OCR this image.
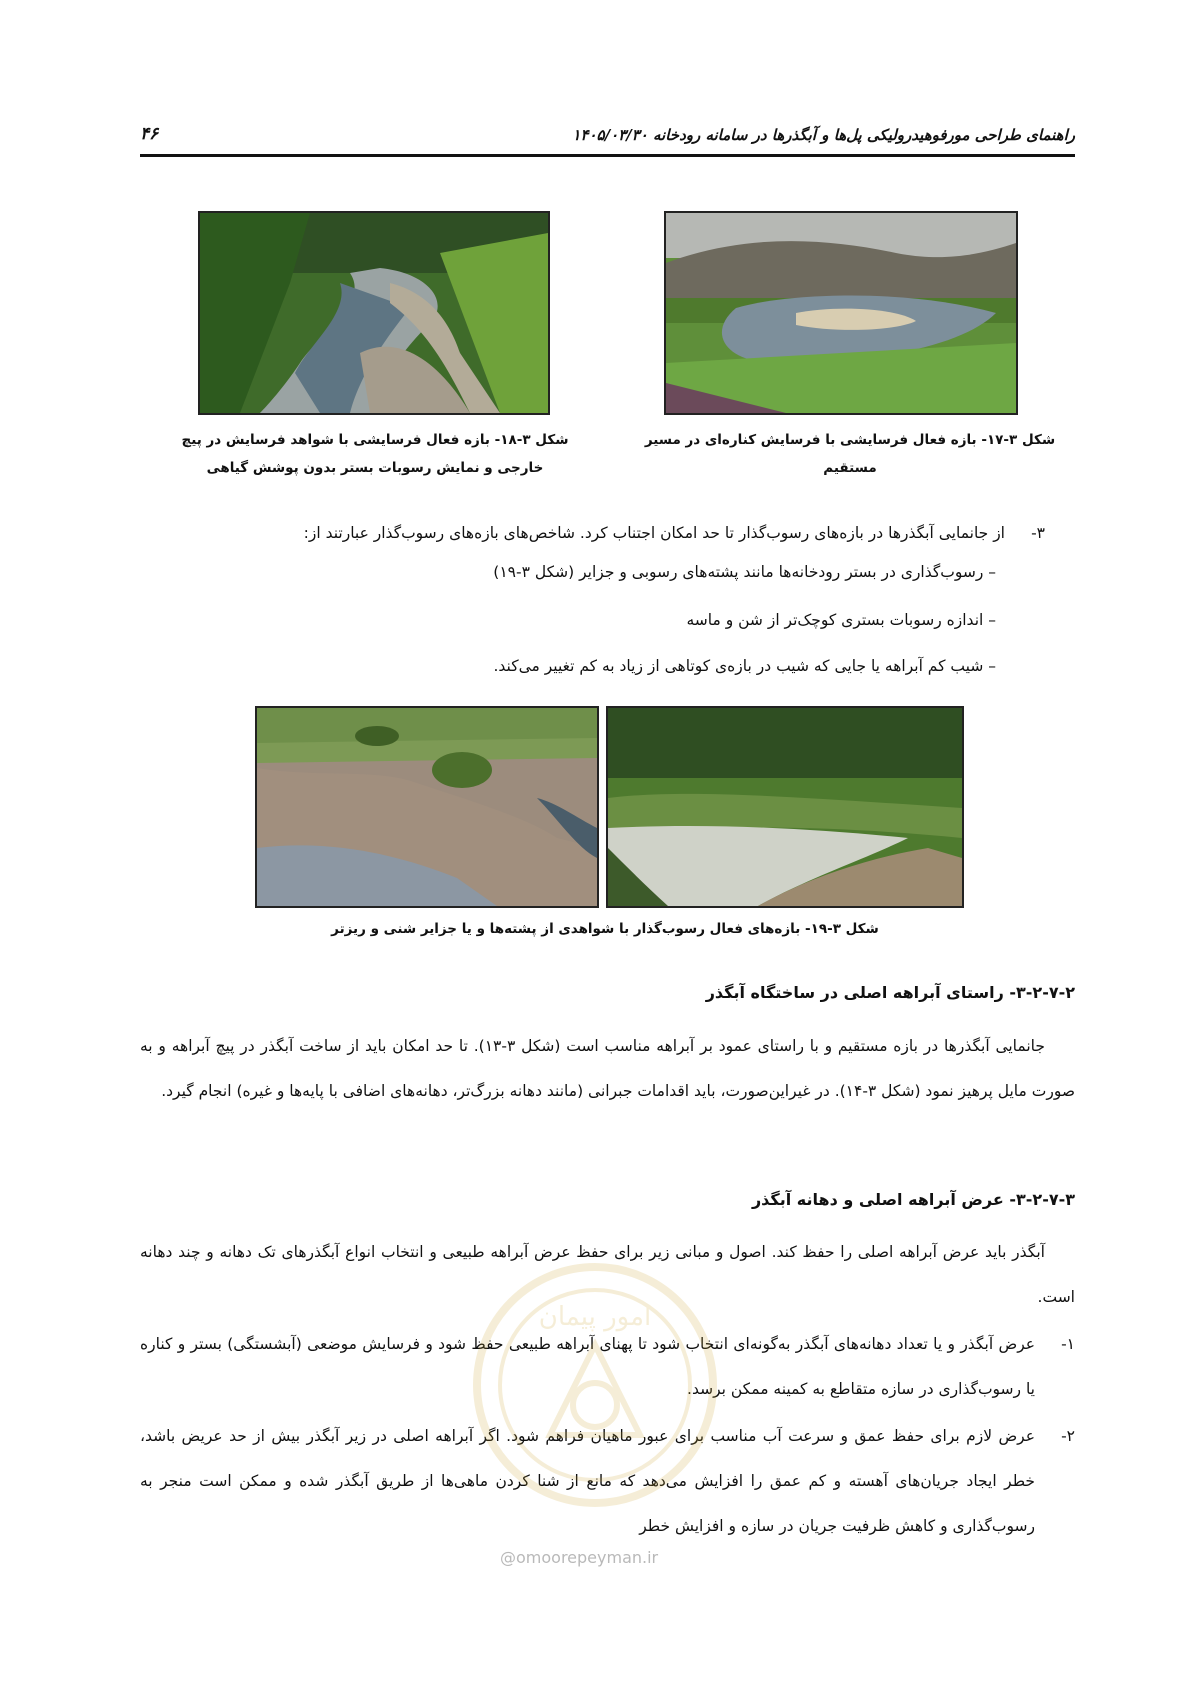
راهنمای طراحی مورفوهیدرولیکی پل‌ها و آبگذرها در سامانه رودخانه ۱۴۰۵/۰۳/۳۰
۴۶
شکل ۳-۱۸- بازه فعال فرسایشی با شواهد فرسایش در پیچ خارجی و نمایش رسوبات بستر بدون پوشش گیاهی
شکل ۳-۱۷- بازه فعال فرسایشی با فرسایش کناره‌ای در مسیر مستقیم
۳-
از جانمایی آبگذرها در بازه‌های رسوب‌گذار تا حد امکان اجتناب کرد. شاخص‌های بازه‌های رسوب‌گذار عبارتند از:
– رسوب‌گذاری در بستر رودخانه‌ها مانند پشته‌های رسوبی و جزایر (شکل ۳-۱۹)
– اندازه رسوبات بستری کوچک‌تر از شن و ماسه
– شیب کم آبراهه یا جایی که شیب در بازه‌ی کوتاهی از زیاد به کم تغییر می‌کند.
شکل ۳-۱۹- بازه‌های فعال رسوب‌گذار با شواهدی از پشته‌ها و یا جزایر شنی و ریزتر
۳-۲-۷-۲- راستای آبراهه اصلی در ساختگاه آبگذر
جانمایی آبگذرها در بازه مستقیم و با راستای عمود بر آبراهه مناسب است (شکل ۳-۱۳). تا حد امکان باید از ساخت آبگذر در پیچ آبراهه و به صورت مایل پرهیز نمود (شکل ۳-۱۴). در غیراین‌صورت، باید اقدامات جبرانی (مانند دهانه بزرگ‌تر، دهانه‌های اضافی با پایه‌ها و غیره) انجام گیرد.
۳-۲-۷-۳- عرض آبراهه اصلی و دهانه آبگذر
آبگذر باید عرض آبراهه اصلی را حفظ کند. اصول و مبانی زیر برای حفظ عرض آبراهه طبیعی و انتخاب انواع آبگذرهای تک دهانه و چند دهانه است.
۱-
عرض آبگذر و یا تعداد دهانه‌های آبگذر به‌گونه‌ای انتخاب شود تا پهنای آبراهه طبیعی حفظ شود و فرسایش موضعی (آبشستگی) بستر و کناره یا رسوب‌گذاری در سازه متقاطع به کمینه ممکن برسد.
۲-
عرض لازم برای حفظ عمق و سرعت آب مناسب برای عبور ماهیان فراهم شود. اگر آبراهه اصلی در زیر آبگذر بیش از حد عریض باشد، خطر ایجاد جریان‌های آهسته و کم عمق را افزایش می‌دهد که مانع از شنا کردن ماهی‌ها از طریق آبگذر شده و ممکن است منجر به رسوب‌گذاری و کاهش ظرفیت جریان در سازه و افزایش خطر
امور پیمان
@omoorepeyman.ir
